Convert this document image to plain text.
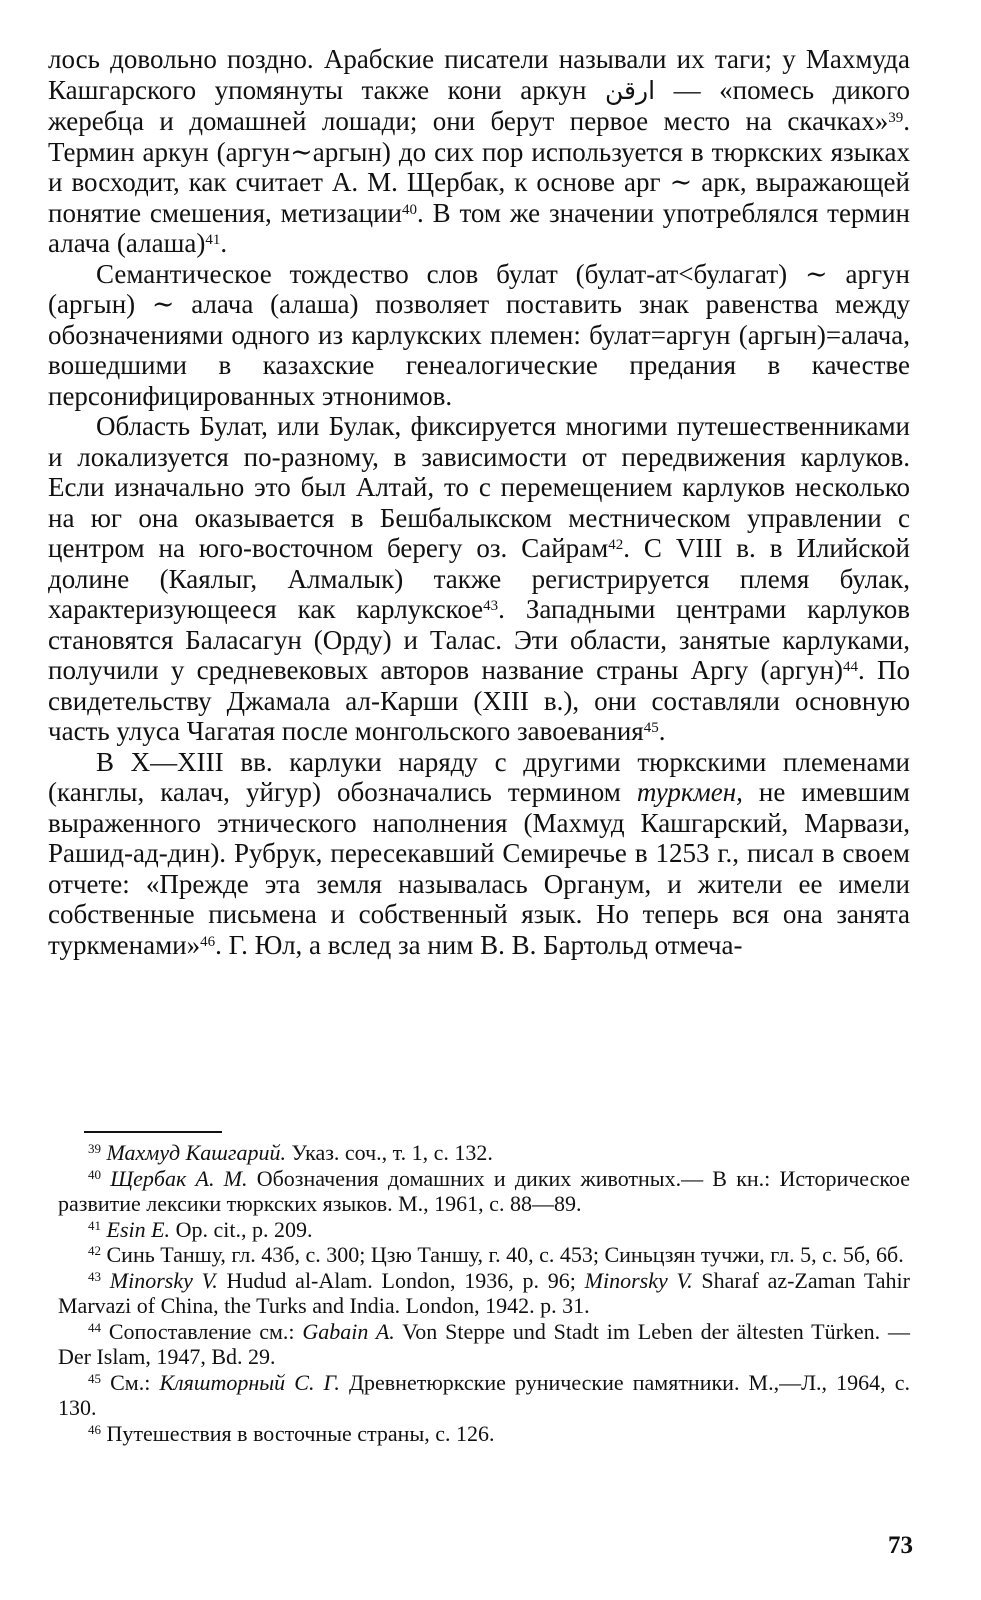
лось довольно поздно. Арабские писатели называли их таги; у Махмуда Кашгарского упомянуты также кони аркун ارقن — «помесь дикого жеребца и домашней лошади; они берут первое место на скачках»$^{39}$. Термин аркун (аргун∼аргын) до сих пор используется в тюркских языках и восходит, как считает А. М. Щербак, к основе арг ∼ арк, выражающей понятие смешения, метизации$^{40}$. В том же значении употреблялся термин алача (алаша)$^{41}$.

Семантическое тождество слов булат (булат-ат<булагат) ∼ аргун (аргын) ∼ алача (алаша) позволяет поставить знак равенства между обозначениями одного из карлукских племен: булат=аргун (аргын)=алача, вошедшими в казахские генеалогические предания в качестве персонифицированных этнонимов.

Область Булат, или Булак, фиксируется многими путешественниками и локализуется по-разному, в зависимости от передвижения карлуков. Если изначально это был Алтай, то с перемещением карлуков несколько на юг она оказывается в Бешбалыкском местническом управлении с центром на юго-восточном берегу оз. Сайрам$^{42}$. С VIII в. в Илийской долине (Каялыг, Алмалык) также регистрируется племя булак, характеризующееся как карлукское$^{43}$. Западными центрами карлуков становятся Баласагун (Орду) и Талас. Эти области, занятые карлуками, получили у средневековых авторов название страны Аргу (аргун)$^{44}$. По свидетельству Джамала ал-Карши (XIII в.), они составляли основную часть улуса Чагатая после монгольского завоевания$^{45}$.

В X—XIII вв. карлуки наряду с другими тюркскими племенами (канглы, калач, уйгур) обозначались термином туркмен, не имевшим выраженного этнического наполнения (Махмуд Кашгарский, Марвази, Рашид-ад-дин). Рубрук, пересекавший Семиречье в 1253 г., писал в своем отчете: «Прежде эта земля называлась Органум, и жители ее имели собственные письмена и собственный язык. Но теперь вся она занята туркменами»$^{46}$. Г. Юл, а вслед за ним В. В. Бартольд отмеча-

$^{39}$ Махмуд Кашгарий. Указ. соч., т. 1, с. 132.

$^{40}$ Щербак А. М. Обозначения домашних и диких животных.— В кн.: Историческое развитие лексики тюркских языков. М., 1961, с. 88—89.

$^{41}$ Esin E. Op. cit., p. 209.

$^{42}$ Синь Таншу, гл. 43б, с. 300; Цзю Таншу, г. 40, с. 453; Синьцзян тучжи, гл. 5, с. 5б, 6б.

$^{43}$ Minorsky V. Hudud al-Alam. London, 1936, p. 96; Minorsky V. Sharaf az-Zaman Tahir Marvazi of China, the Turks and India. London, 1942. p. 31.

$^{44}$ Сопоставление см.: Gabain A. Von Steppe und Stadt im Leben der ältesten Türken. — Der Islam, 1947, Bd. 29.

$^{45}$ См.: Кляшторный С. Г. Древнетюркские рунические памятники. М.,—Л., 1964, с. 130.

$^{46}$ Путешествия в восточные страны, с. 126.

73
